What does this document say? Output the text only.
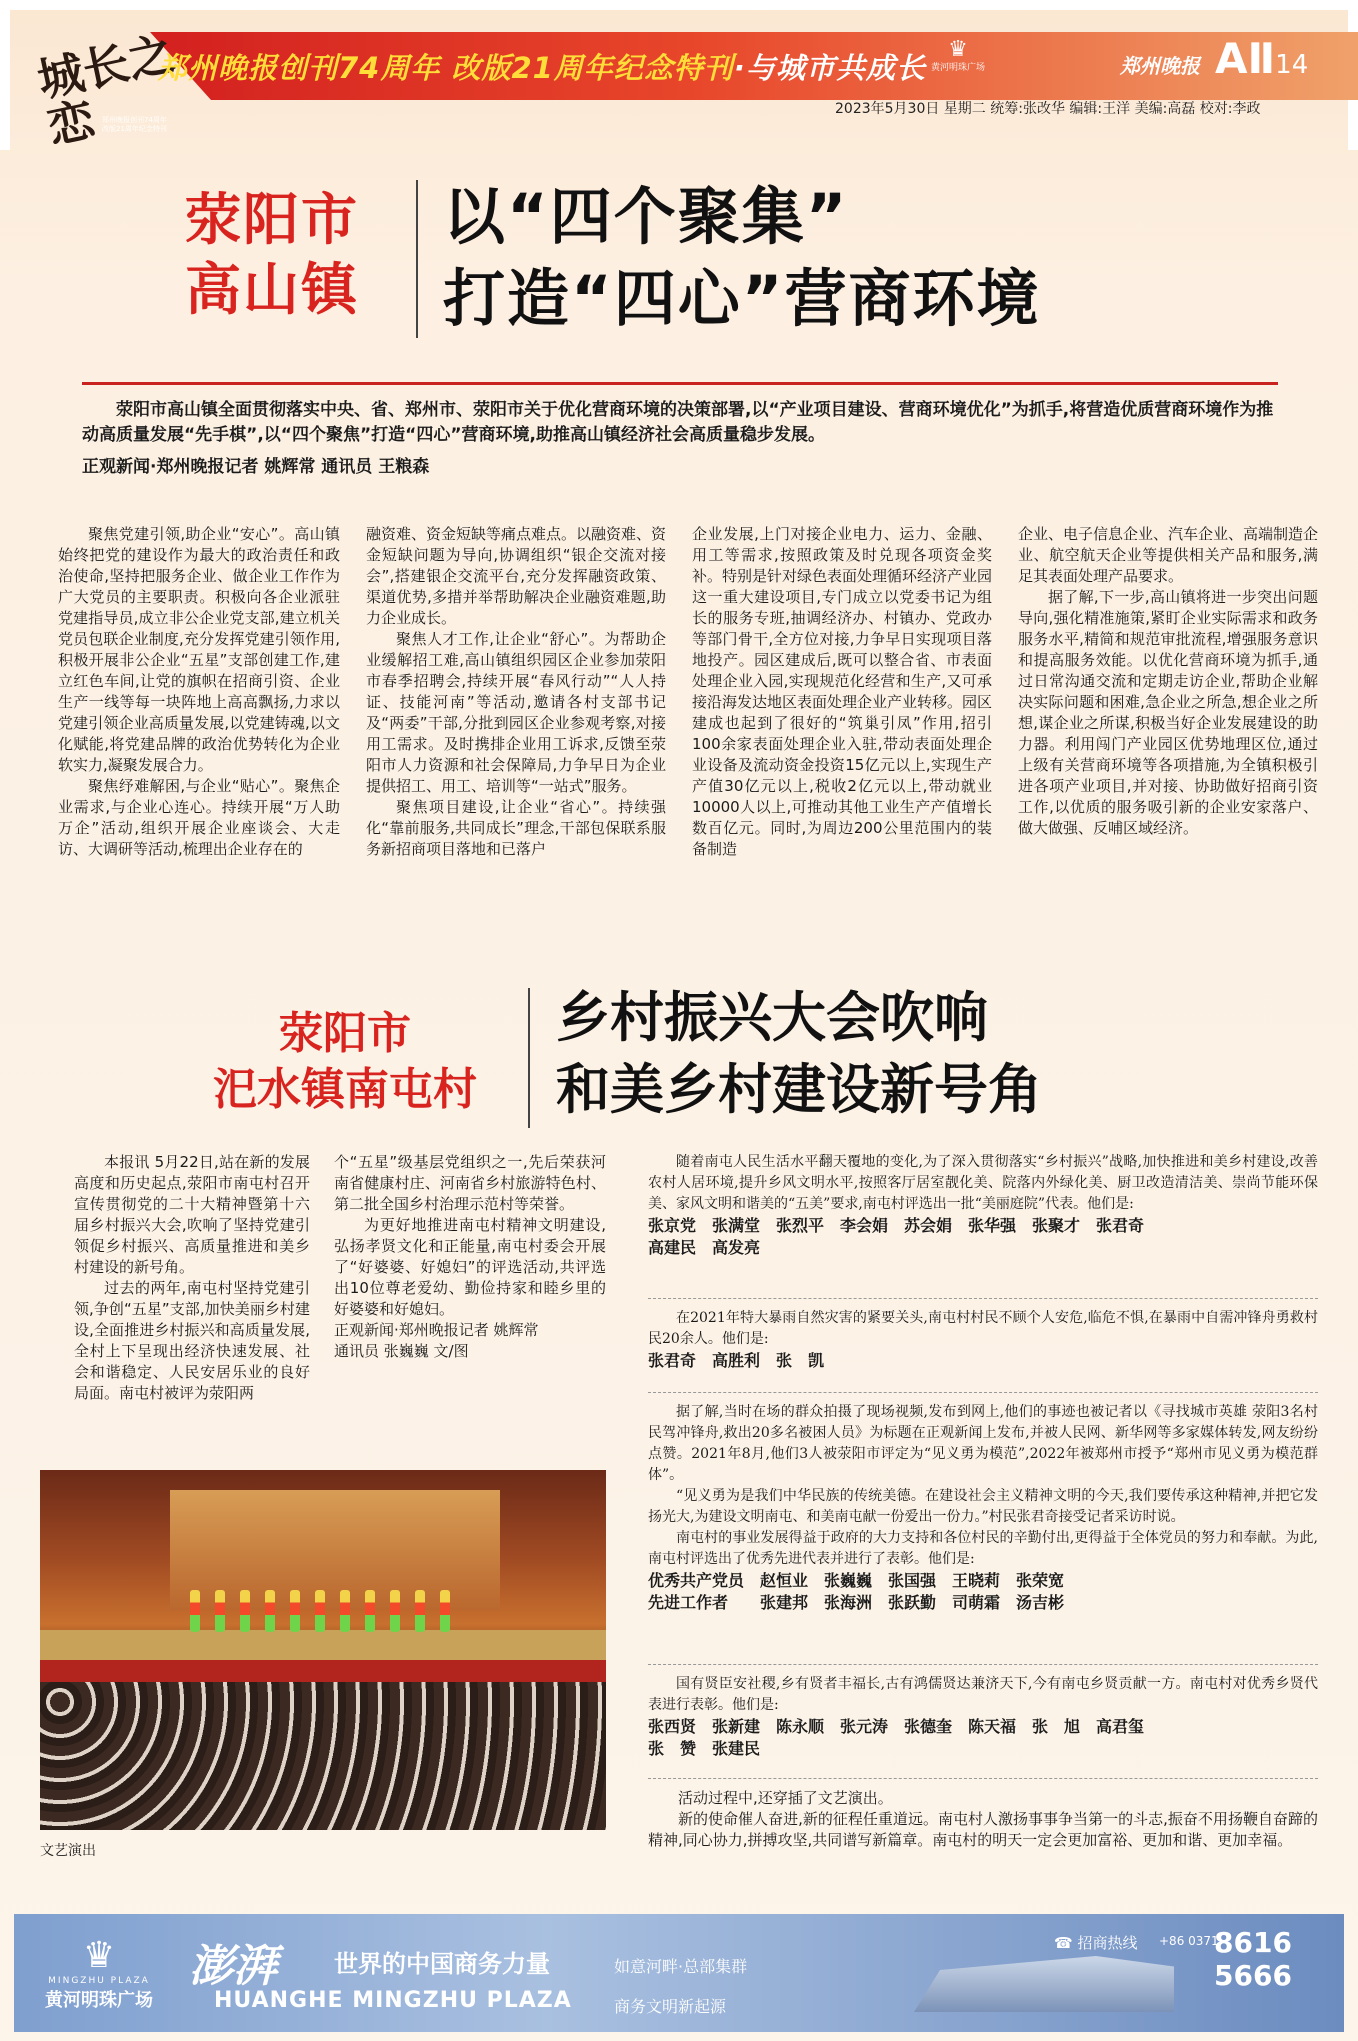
城长之恋 郑州晚报创刊74周年 改版21周年纪念特刊
郑州晚报创刊74周年 改版21周年纪念特刊·与城市共成长
♛
黄河明珠广场	郑州晚报 AⅡ14
2023年5月30日 星期二 统筹:张改华 编辑:王洋 美编:高磊 校对:李政
荥阳市
高山镇
以“四个聚集”
打造“四心”营商环境
荥阳市高山镇全面贯彻落实中央、省、郑州市、荥阳市关于优化营商环境的决策部署,以“产业项目建设、营商环境优化”为抓手,将营造优质营商环境作为推动高质量发展“先手棋”,以“四个聚焦”打造“四心”营商环境,助推高山镇经济社会高质量稳步发展。
正观新闻·郑州晚报记者 姚辉常 通讯员 王粮森

聚焦党建引领,助企业“安心”。高山镇始终把党的建设作为最大的政治责任和政治使命,坚持把服务企业、做企业工作作为广大党员的主要职责。积极向各企业派驻党建指导员,成立非公企业党支部,建立机关党员包联企业制度,充分发挥党建引领作用,积极开展非公企业“五星”支部创建工作,建立红色车间,让党的旗帜在招商引资、企业生产一线等每一块阵地上高高飘扬,力求以党建引领企业高质量发展,以党建铸魂,以文化赋能,将党建品牌的政治优势转化为企业软实力,凝聚发展合力。

聚焦纾难解困,与企业“贴心”。聚焦企业需求,与企业心连心。持续开展“万人助万企”活动,组织开展企业座谈会、大走访、大调研等活动,梳理出企业存在的

融资难、资金短缺等痛点难点。以融资难、资金短缺问题为导向,协调组织“银企交流对接会”,搭建银企交流平台,充分发挥融资政策、渠道优势,多措并举帮助解决企业融资难题,助力企业成长。

聚焦人才工作,让企业“舒心”。为帮助企业缓解招工难,高山镇组织园区企业参加荥阳市春季招聘会,持续开展“春风行动”“人人持证、技能河南”等活动,邀请各村支部书记及“两委”干部,分批到园区企业参观考察,对接用工需求。及时携排企业用工诉求,反馈至荥阳市人力资源和社会保障局,力争早日为企业提供招工、用工、培训等“一站式”服务。

聚焦项目建设,让企业“省心”。持续强化“靠前服务,共同成长”理念,干部包保联系服务新招商项目落地和已落户

企业发展,上门对接企业电力、运力、金融、用工等需求,按照政策及时兑现各项资金奖补。特别是针对绿色表面处理循环经济产业园这一重大建设项目,专门成立以党委书记为组长的服务专班,抽调经济办、村镇办、党政办等部门骨干,全方位对接,力争早日实现项目落地投产。园区建成后,既可以整合省、市表面处理企业入园,实现规范化经营和生产,又可承接沿海发达地区表面处理企业产业转移。园区建成也起到了很好的“筑巢引凤”作用,招引100余家表面处理企业入驻,带动表面处理企业设备及流动资金投资15亿元以上,实现生产产值30亿元以上,税收2亿元以上,带动就业10000人以上,可推动其他工业生产产值增长数百亿元。同时,为周边200公里范围内的装备制造

企业、电子信息企业、汽车企业、高端制造企业、航空航天企业等提供相关产品和服务,满足其表面处理产品要求。

据了解,下一步,高山镇将进一步突出问题导向,强化精准施策,紧盯企业实际需求和政务服务水平,精简和规范审批流程,增强服务意识和提高服务效能。以优化营商环境为抓手,通过日常沟通交流和定期走访企业,帮助企业解决实际问题和困难,急企业之所急,想企业之所想,谋企业之所谋,积极当好企业发展建设的助力器。利用闯门产业园区优势地理区位,通过上级有关营商环境等各项措施,为全镇积极引进各项产业项目,并对接、协助做好招商引资工作,以优质的服务吸引新的企业安家落户、做大做强、反哺区域经济。

荥阳市
汜水镇南屯村
乡村振兴大会吹响
和美乡村建设新号角

本报讯 5月22日,站在新的发展高度和历史起点,荥阳市南屯村召开宣传贯彻党的二十大精神暨第十六届乡村振兴大会,吹响了坚持党建引领促乡村振兴、高质量推进和美乡村建设的新号角。

过去的两年,南屯村坚持党建引领,争创“五星”支部,加快美丽乡村建设,全面推进乡村振兴和高质量发展,全村上下呈现出经济快速发展、社会和谐稳定、人民安居乐业的良好局面。南屯村被评为荥阳两

个“五星”级基层党组织之一,先后荣获河南省健康村庄、河南省乡村旅游特色村、第二批全国乡村治理示范村等荣誉。

为更好地推进南屯村精神文明建设,弘扬孝贤文化和正能量,南屯村委会开展了“好婆婆、好媳妇”的评选活动,共评选出10位尊老爱幼、勤俭持家和睦乡里的好婆婆和好媳妇。

正观新闻·郑州晚报记者 姚辉常
通讯员 张巍巍 文/图

随着南屯人民生活水平翻天覆地的变化,为了深入贯彻落实“乡村振兴”战略,加快推进和美乡村建设,改善农村人居环境,提升乡风文明水平,按照客厅居室靓化美、院落内外绿化美、厨卫改造清洁美、崇尚节能环保美、家风文明和谐美的“五美”要求,南屯村评选出一批“美丽庭院”代表。他们是:

张京党　张满堂　张烈平　李会娟　苏会娟　张华强　张聚才　张君奇
高建民　高发亮

在2021年特大暴雨自然灾害的紧要关头,南屯村村民不顾个人安危,临危不惧,在暴雨中自需冲锋舟勇救村民20余人。他们是:

张君奇　高胜利　张　凯

据了解,当时在场的群众拍摄了现场视频,发布到网上,他们的事迹也被记者以《寻找城市英雄 荥阳3名村民驾冲锋舟,救出20多名被困人员》为标题在正观新闻上发布,并被人民网、新华网等多家媒体转发,网友纷纷点赞。2021年8月,他们3人被荥阳市评定为“见义勇为模范”,2022年被郑州市授予“郑州市见义勇为模范群体”。

“见义勇为是我们中华民族的传统美德。在建设社会主义精神文明的今天,我们要传承这种精神,并把它发扬光大,为建设文明南屯、和美南屯献一份爱出一份力。”村民张君奇接受记者采访时说。

南屯村的事业发展得益于政府的大力支持和各位村民的辛勤付出,更得益于全体党员的努力和奉献。为此,南屯村评选出了优秀先进代表并进行了表彰。他们是:

优秀共产党员　赵恒业　张巍巍　张国强　王晓莉　张荣宽
先进工作者　　张建邦　张海洲　张跃勤　司萌霜　汤吉彬

国有贤臣安社稷,乡有贤者丰福长,古有鸿儒贤达兼济天下,今有南屯乡贤贡献一方。南屯村对优秀乡贤代表进行表彰。他们是:

张西贤　张新建　陈永顺　张元涛　张德奎　陈天福　张　旭　高君玺
张　赞　张建民

活动过程中,还穿插了文艺演出。

新的使命催人奋进,新的征程任重道远。南屯村人激扬事事争当第一的斗志,振奋不用扬鞭自奋蹄的精神,同心协力,拼搏攻坚,共同谱写新篇章。南屯村的明天一定会更加富裕、更加和谐、更加幸福。

文艺演出
♛
MINGZHU PLAZA
黄河明珠广场
澎湃 世界的中国商务力量
HUANGHE MINGZHU PLAZA
如意河畔·总部集群
商务文明新起源
☎ 招商热线 +86 0371
8616 5666
